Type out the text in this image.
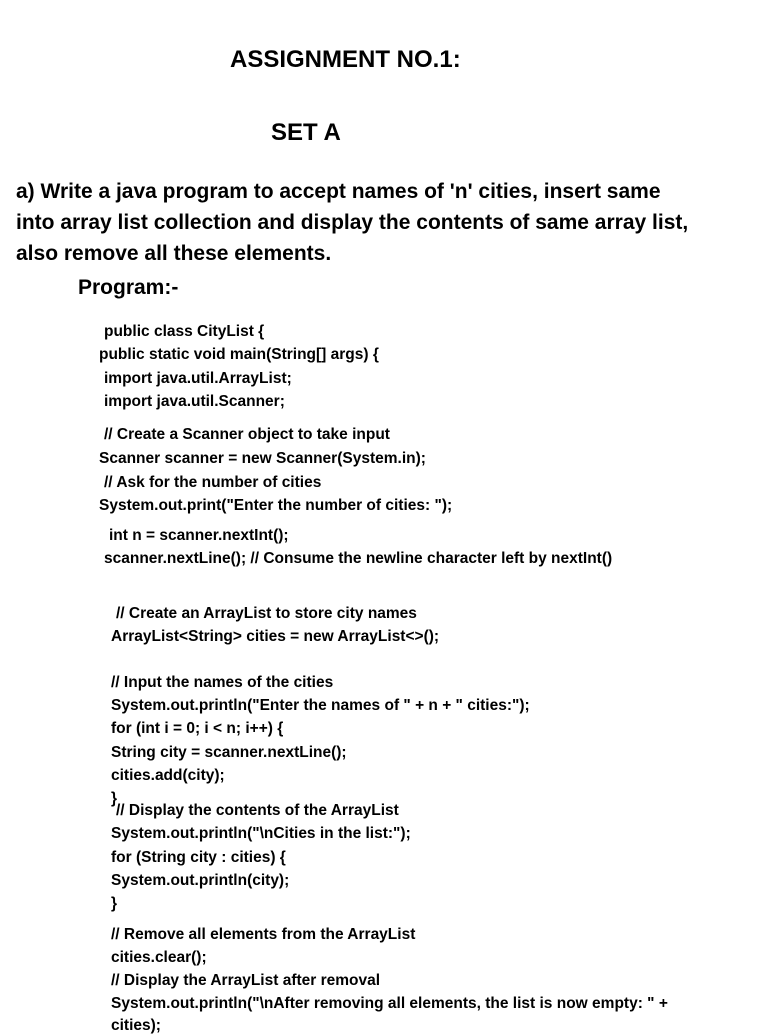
ASSIGNMENT NO.1:
SET A
a) Write a java program to accept names of 'n' cities, insert same
into array list collection and display the contents of same array list,
also remove all these elements.
Program:-
public class CityList {
public static void main(String[] args) {
import java.util.ArrayList;
import java.util.Scanner;
// Create a Scanner object to take input
Scanner scanner = new Scanner(System.in);
// Ask for the number of cities
System.out.print("Enter the number of cities: ");
int n = scanner.nextInt();
scanner.nextLine(); // Consume the newline character left by nextInt()
// Create an ArrayList to store city names
ArrayList<String> cities = new ArrayList<>();
// Input the names of the cities
System.out.println("Enter the names of " + n + " cities:");
for (int i = 0; i < n; i++) {
String city = scanner.nextLine();
cities.add(city);
}
// Display the contents of the ArrayList
System.out.println("\nCities in the list:");
for (String city : cities) {
System.out.println(city);
}
// Remove all elements from the ArrayList
cities.clear();
// Display the ArrayList after removal
System.out.println("\nAfter removing all elements, the list is now empty: " +
cities);
